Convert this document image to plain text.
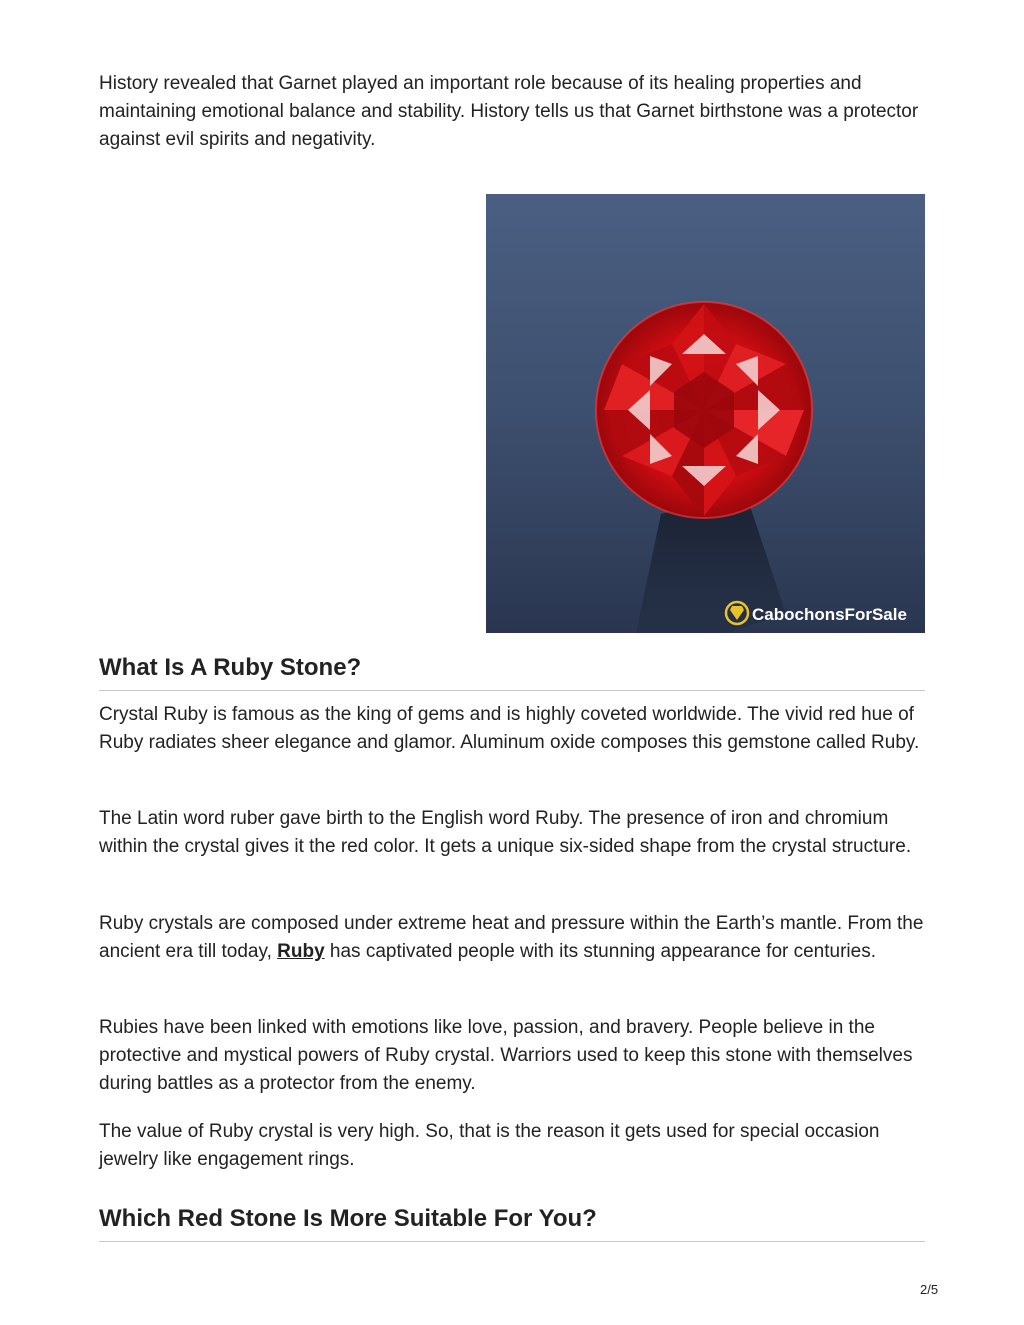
History revealed that Garnet played an important role because of its healing properties and maintaining emotional balance and stability. History tells us that Garnet birthstone was a protector against evil spirits and negativity.

CabochonsForSale
What Is A Ruby Stone?

Crystal Ruby is famous as the king of gems and is highly coveted worldwide. The vivid red hue of Ruby radiates sheer elegance and glamor. Aluminum oxide composes this gemstone called Ruby.

The Latin word ruber gave birth to the English word Ruby. The presence of iron and chromium within the crystal gives it the red color. It gets a unique six-sided shape from the crystal structure.

Ruby crystals are composed under extreme heat and pressure within the Earth’s mantle. From the ancient era till today, Ruby has captivated people with its stunning appearance for centuries.

Rubies have been linked with emotions like love, passion, and bravery. People believe in the protective and mystical powers of Ruby crystal. Warriors used to keep this stone with themselves during battles as a protector from the enemy.

The value of Ruby crystal is very high. So, that is the reason it gets used for special occasion jewelry like engagement rings.

Which Red Stone Is More Suitable For You?
2/5
